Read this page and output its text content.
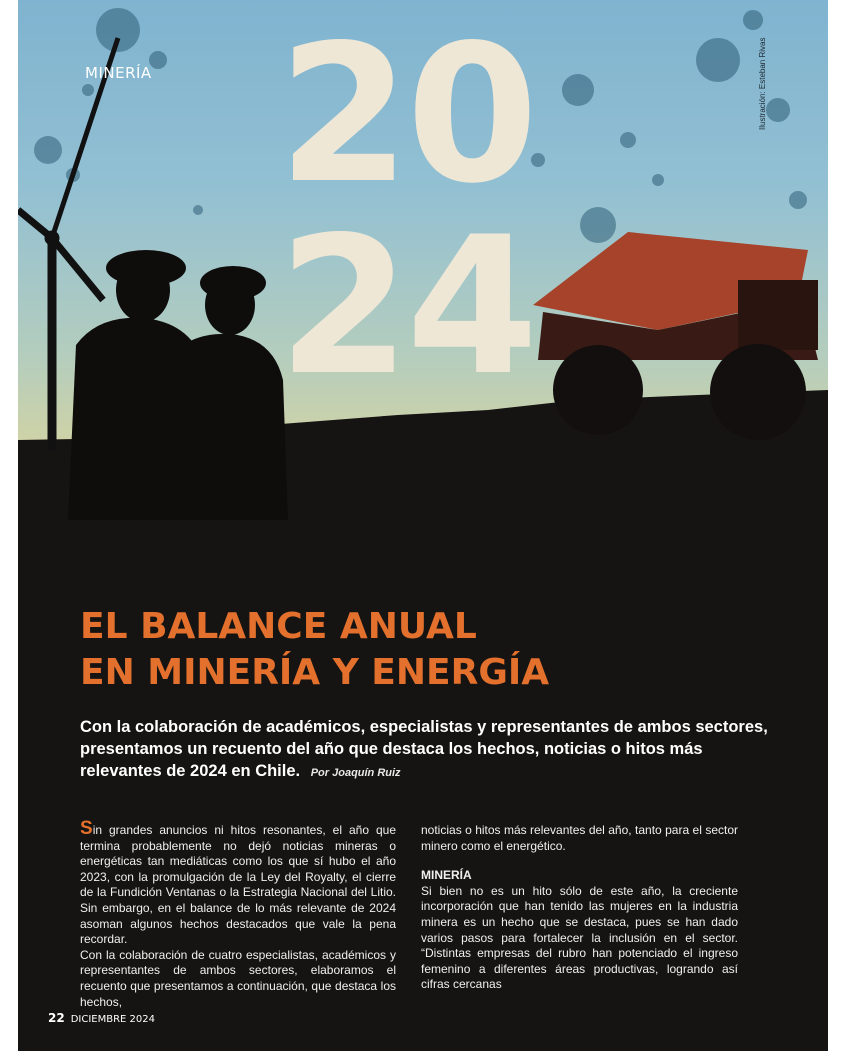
MINERÍA	Ilustración: Esteban Rivas
20
24
EL BALANCE ANUAL
EN MINERÍA Y ENERGÍA
Con la colaboración de académicos, especialistas y representantes de ambos sectores, presentamos un recuento del año que destaca los hechos, noticias o hitos más relevantes de 2024 en Chile. Por Joaquín Ruiz

Sin grandes anuncios ni hitos resonantes, el año que termina probablemente no dejó noticias mineras o energéticas tan mediáticas como los que sí hubo el año 2023, con la promulgación de la Ley del Royalty, el cierre de la Fundición Ventanas o la Estrategia Nacional del Litio. Sin embargo, en el balance de lo más relevante de 2024 asoman algunos hechos destacados que vale la pena recordar.

Con la colaboración de cuatro especialistas, académicos y representantes de ambos sectores, elaboramos el recuento que presentamos a continuación, que destaca los hechos,

noticias o hitos más relevantes del año, tanto para el sector minero como el energético.

MINERÍA

Si bien no es un hito sólo de este año, la creciente incorporación que han tenido las mujeres en la industria minera es un hecho que se destaca, pues se han dado varios pasos para fortalecer la inclusión en el sector. “Distintas empresas del rubro han potenciado el ingreso femenino a diferentes áreas productivas, logrando así cifras cercanas

22 DICIEMBRE 2024
